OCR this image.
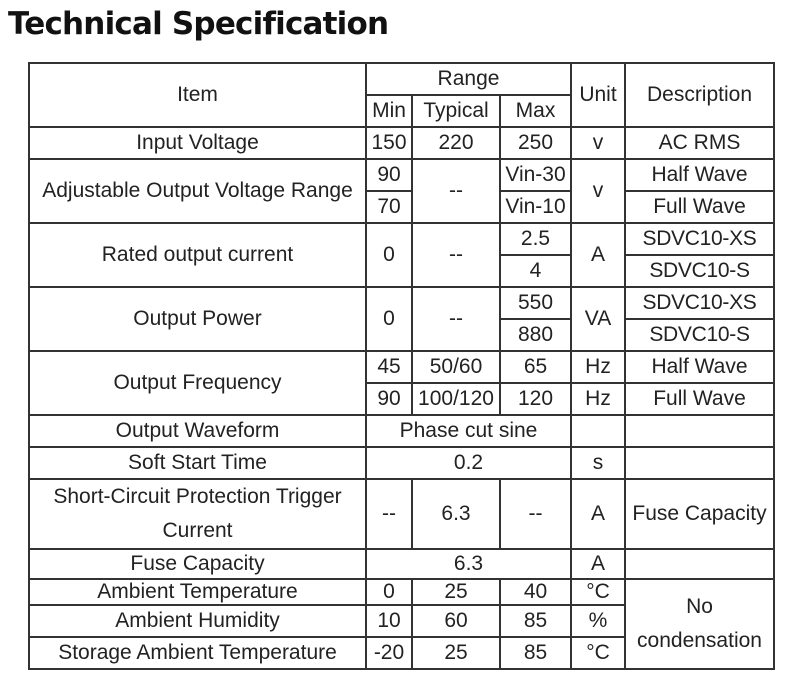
Technical Specification
Item	Range			Unit	Description
	Min	Typical	Max		
Input Voltage	150	220	250	v	AC RMS
Adjustable Output Voltage Range	90	--	Vin-30	v	Half Wave
	70		Vin-10		Full Wave
Rated output current	0	--	2.5	A	SDVC10-XS
			4		SDVC10-S
Output Power	0	--	550	VA	SDVC10-XS
			880		SDVC10-S
Output Frequency	45	50/60	65	Hz	Half Wave
	90	100/120	120	Hz	Full Wave
Output Waveform	Phase cut sine				
Soft Start Time	0.2			s	
Short-Circuit Protection Trigger Current	--	6.3	--	A	Fuse Capacity
Fuse Capacity	6.3			A	
Ambient Temperature	0	25	40	°C	No condensation
Ambient Humidity	10	60	85	%	
Storage Ambient Temperature	-20	25	85	°C	
